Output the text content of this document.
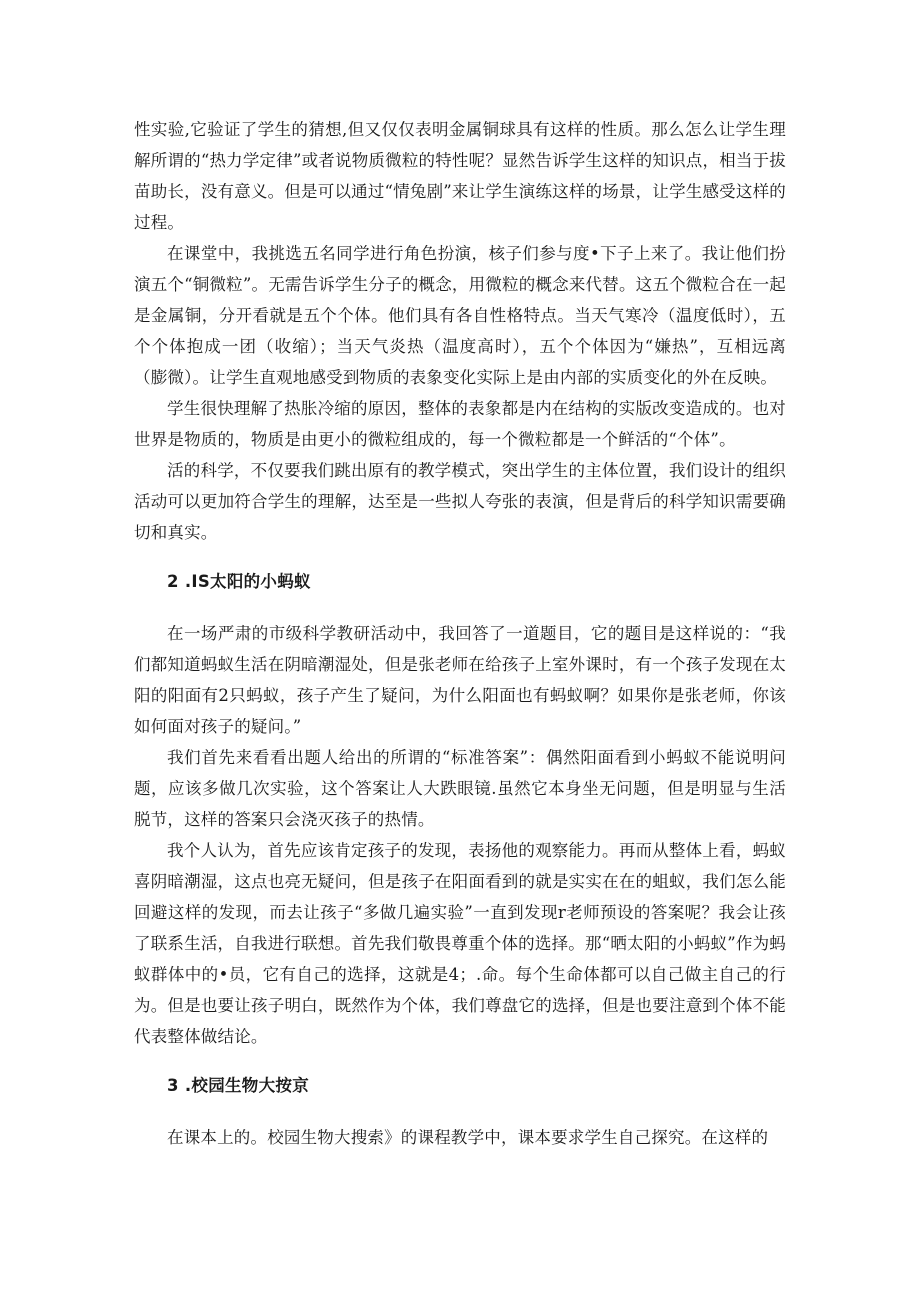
性实验,它验证了学生的猜想,但又仅仅表明金属铜球具有这样的性质。那么怎么让学生理解所谓的“热力学定律”或者说物质微粒的特性呢？显然告诉学生这样的知识点，相当于拔苗助长，没有意义。但是可以通过“情兔剧”来让学生演练这样的场景，让学生感受这样的过程。

在课堂中，我挑选五名同学进行角色扮演，核子们参与度•下子上来了。我让他们扮演五个“铜微粒”。无需告诉学生分子的概念，用微粒的概念来代替。这五个微粒合在一起是金属铜，分开看就是五个个体。他们具有各自性格特点。当天气寒冷（温度低时），五个个体抱成一团（收缩）；当天气炎热（温度高时），五个个体因为“嫌热”，互相远离（膨微）。让学生直观地感受到物质的表象变化实际上是由内部的实质变化的外在反映。

学生很快理解了热胀冷缩的原因，整体的表象都是内在结构的实版改变造成的。也对世界是物质的，物质是由更小的微粒组成的，每一个微粒都是一个鲜活的“个体”。

活的科学，不仅要我们跳出原有的教学模式，突出学生的主体位置，我们设计的组织活动可以更加符合学生的理解，达至是一些拟人夸张的表演，但是背后的科学知识需要确切和真实。

2 .IS太阳的小蚂蚁

在一场严肃的市级科学教研活动中，我回答了一道题目，它的题目是这样说的：“我们都知道蚂蚁生活在阴暗潮湿处，但是张老师在给孩子上室外课时，有一个孩子发现在太阳的阳面有2只蚂蚁，孩子产生了疑问，为什么阳面也有蚂蚁啊？如果你是张老师，你该如何面对孩子的疑问。”

我们首先来看看出题人给出的所谓的“标准答案”：偶然阳面看到小蚂蚁不能说明问题，应该多做几次实验，这个答案让人大跌眼镜.虽然它本身坐无问题，但是明显与生活脱节，这样的答案只会浇灭孩子的热情。

我个人认为，首先应该肯定孩子的发现，表扬他的观察能力。再而从整体上看，蚂蚁喜阴暗潮湿，这点也亮无疑问，但是孩子在阳面看到的就是实实在在的蛆蚁，我们怎么能回避这样的发现，而去让孩子“多做几遍实验”一直到发现r老师预设的答案呢？我会让孩了联系生活，自我进行联想。首先我们敬畏尊重个体的选择。那“晒太阳的小蚂蚁”作为蚂蚁群体中的•员，它有自己的选择，这就是4；.命。每个生命体都可以自己做主自己的行为。但是也要让孩子明白，既然作为个体，我们尊盘它的选择，但是也要注意到个体不能代表整体做结论。

3 .校园生物大按京

在课本上的。校园生物大搜索》的课程教学中，课本要求学生自己探究。在这样的
